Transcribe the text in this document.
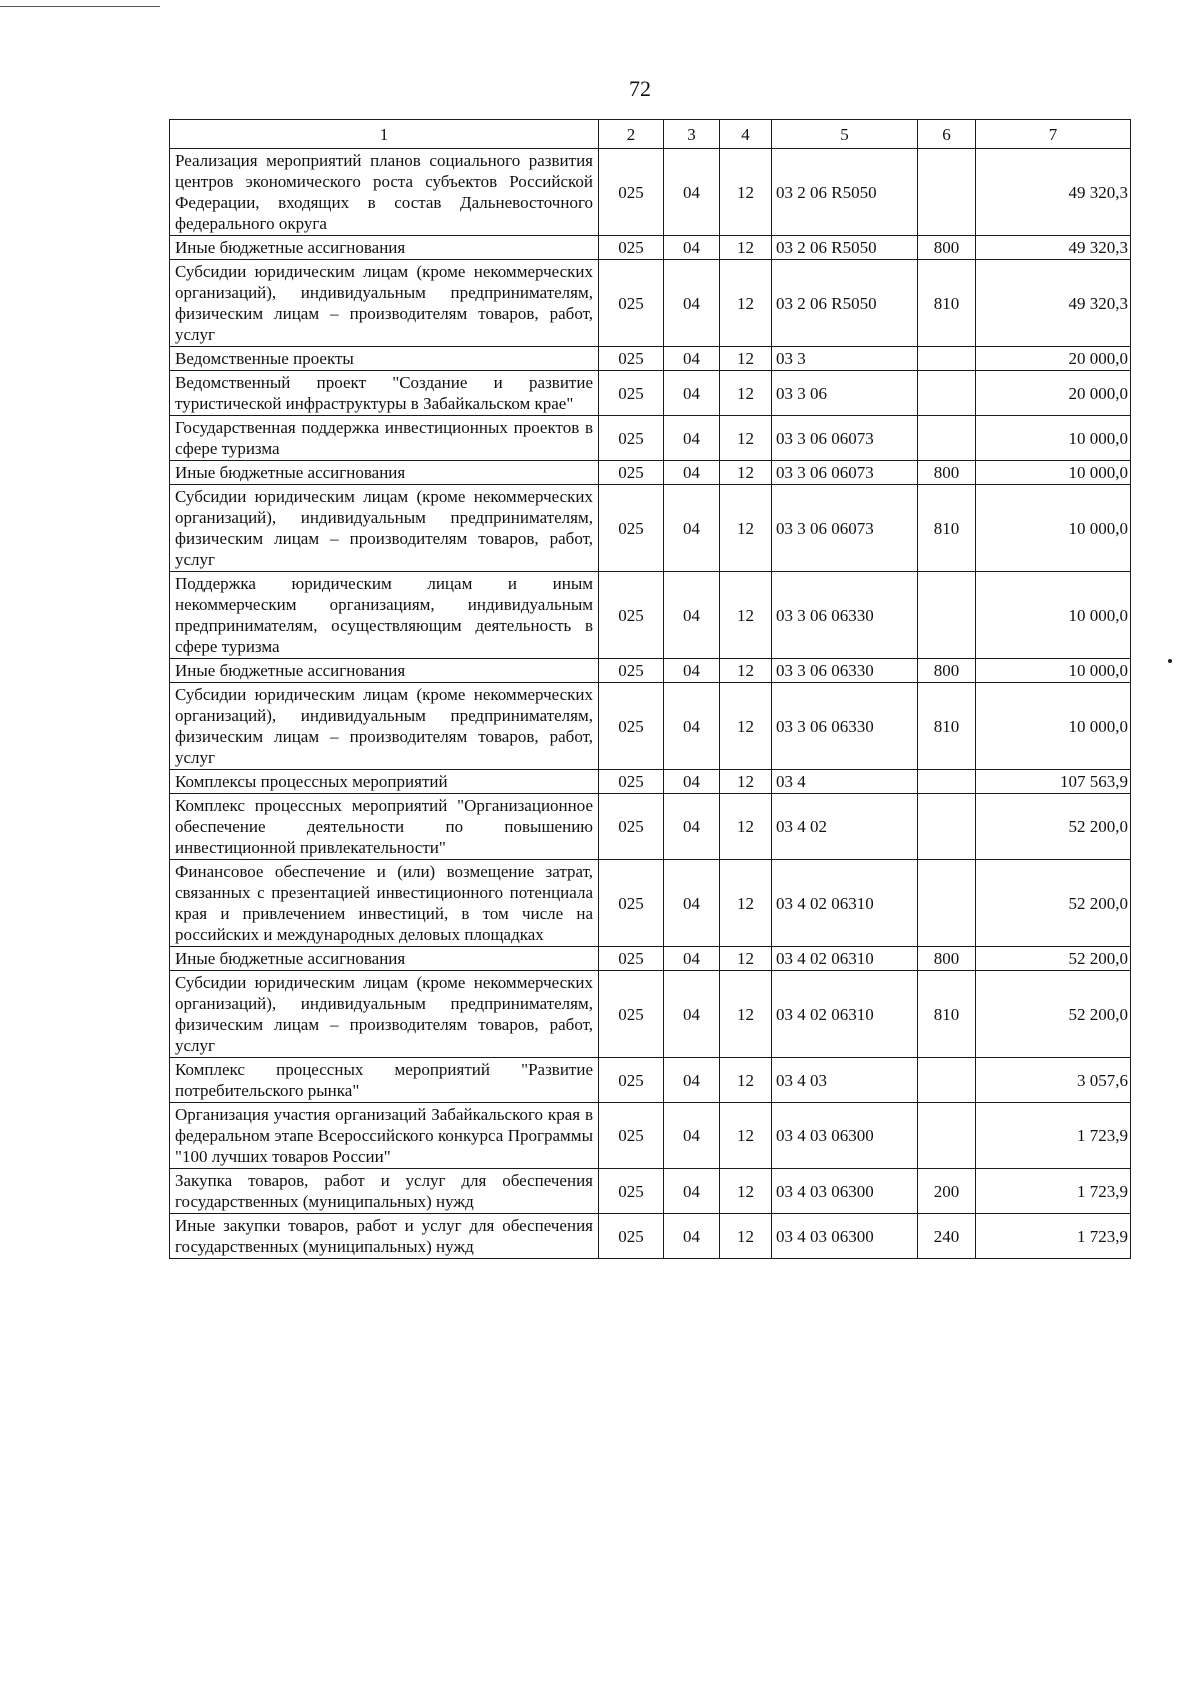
72
1	2	3	4	5	6	7
Реализация мероприятий планов социального развития центров экономического роста субъектов Российской Федерации, входящих в состав Дальневосточного федерального округа	025	04	12	03 2 06 R5050		49 320,3
Иные бюджетные ассигнования	025	04	12	03 2 06 R5050	800	49 320,3
Субсидии юридическим лицам (кроме некоммерческих организаций), индивидуальным предпринимателям, физическим лицам – производителям товаров, работ, услуг	025	04	12	03 2 06 R5050	810	49 320,3
Ведомственные проекты	025	04	12	03 3		20 000,0
Ведомственный проект "Создание и развитие туристической инфраструктуры в Забайкальском крае"	025	04	12	03 3 06		20 000,0
Государственная поддержка инвестиционных проектов в сфере туризма	025	04	12	03 3 06 06073		10 000,0
Иные бюджетные ассигнования	025	04	12	03 3 06 06073	800	10 000,0
Субсидии юридическим лицам (кроме некоммерческих организаций), индивидуальным предпринимателям, физическим лицам – производителям товаров, работ, услуг	025	04	12	03 3 06 06073	810	10 000,0
Поддержка юридическим лицам и иным некоммерческим организациям, индивидуальным предпринимателям, осуществляющим деятельность в сфере туризма	025	04	12	03 3 06 06330		10 000,0
Иные бюджетные ассигнования	025	04	12	03 3 06 06330	800	10 000,0
Субсидии юридическим лицам (кроме некоммерческих организаций), индивидуальным предпринимателям, физическим лицам – производителям товаров, работ, услуг	025	04	12	03 3 06 06330	810	10 000,0
Комплексы процессных мероприятий	025	04	12	03 4		107 563,9
Комплекс процессных мероприятий "Организационное обеспечение деятельности по повышению инвестиционной привлекательности"	025	04	12	03 4 02		52 200,0
Финансовое обеспечение и (или) возмещение затрат, связанных с презентацией инвестиционного потенциала края и привлечением инвестиций, в том числе на российских и международных деловых площадках	025	04	12	03 4 02 06310		52 200,0
Иные бюджетные ассигнования	025	04	12	03 4 02 06310	800	52 200,0
Субсидии юридическим лицам (кроме некоммерческих организаций), индивидуальным предпринимателям, физическим лицам – производителям товаров, работ, услуг	025	04	12	03 4 02 06310	810	52 200,0
Комплекс процессных мероприятий "Развитие потребительского рынка"	025	04	12	03 4 03		3 057,6
Организация участия организаций Забайкальского края в федеральном этапе Всероссийского конкурса Программы "100 лучших товаров России"	025	04	12	03 4 03 06300		1 723,9
Закупка товаров, работ и услуг для обеспечения государственных (муниципальных) нужд	025	04	12	03 4 03 06300	200	1 723,9
Иные закупки товаров, работ и услуг для обеспечения государственных (муниципальных) нужд	025	04	12	03 4 03 06300	240	1 723,9
